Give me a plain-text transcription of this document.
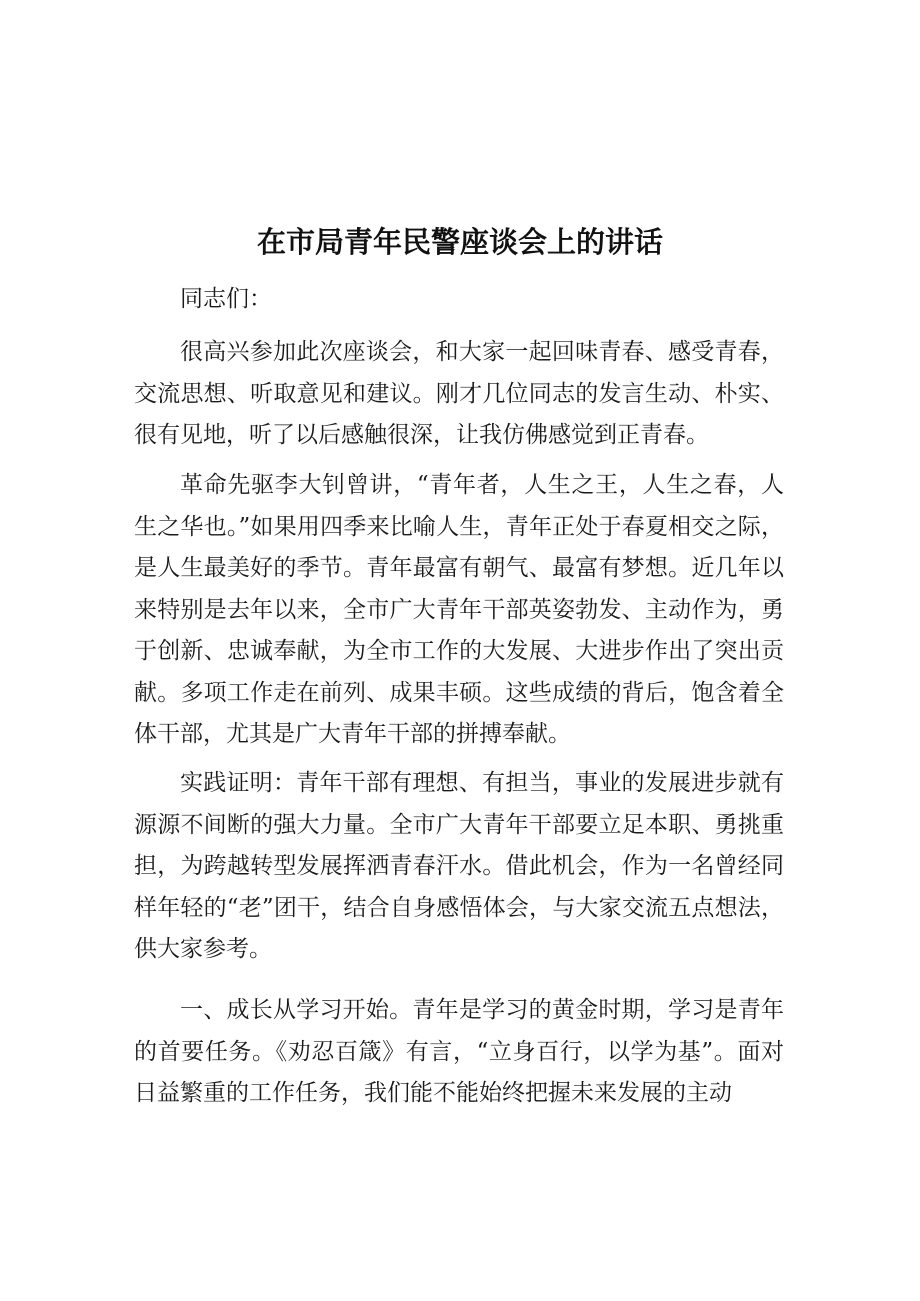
在市局青年民警座谈会上的讲话

同志们：

很高兴参加此次座谈会，和大家一起回味青春、感受青春，交流思想、听取意见和建议。刚才几位同志的发言生动、朴实、很有见地，听了以后感触很深，让我仿佛感觉到正青春。

革命先驱李大钊曾讲，“青年者，人生之王，人生之春，人生之华也。”如果用四季来比喻人生，青年正处于春夏相交之际，是人生最美好的季节。青年最富有朝气、最富有梦想。近几年以来特别是去年以来，全市广大青年干部英姿勃发、主动作为，勇于创新、忠诚奉献，为全市工作的大发展、大进步作出了突出贡献。多项工作走在前列、成果丰硕。这些成绩的背后，饱含着全体干部，尤其是广大青年干部的拼搏奉献。

实践证明：青年干部有理想、有担当，事业的发展进步就有源源不间断的强大力量。全市广大青年干部要立足本职、勇挑重担，为跨越转型发展挥洒青春汗水。借此机会，作为一名曾经同样年轻的“老”团干，结合自身感悟体会，与大家交流五点想法，供大家参考。

一、成长从学习开始。青年是学习的黄金时期，学习是青年的首要任务。《劝忍百箴》有言，“立身百行，以学为基”。面对日益繁重的工作任务，我们能不能始终把握未来发展的主动
